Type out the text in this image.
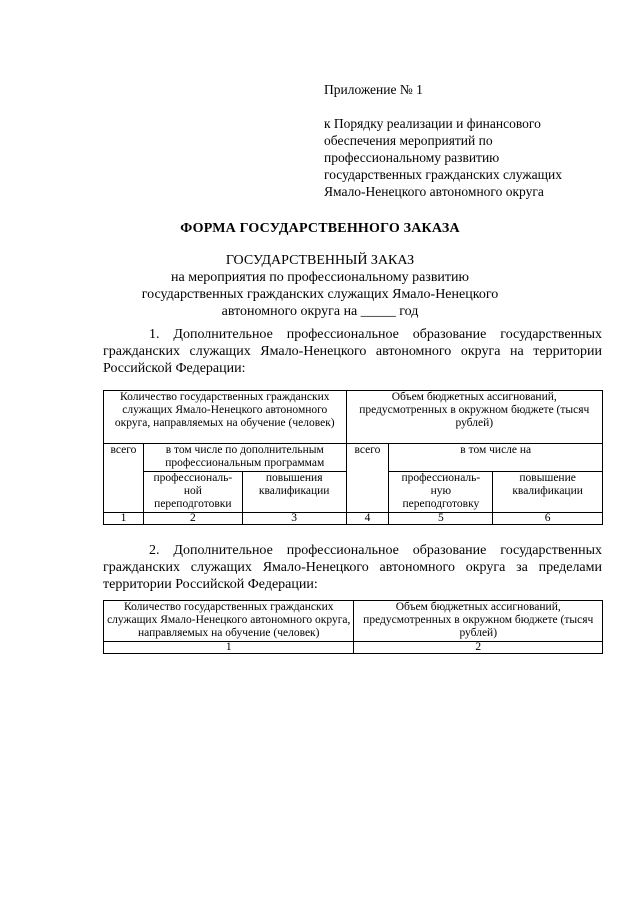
Приложение № 1
к Порядку реализации и финансового
обеспечения мероприятий по
профессиональному развитию
государственных гражданских служащих
Ямало-Ненецкого автономного округа
ФОРМА ГОСУДАРСТВЕННОГО ЗАКАЗА
ГОСУДАРСТВЕННЫЙ ЗАКАЗ
на мероприятия по профессиональному развитию
государственных гражданских служащих Ямало-Ненецкого
автономного округа на _____ год
1. Дополнительное профессиональное образование государственных
гражданских служащих Ямало-Ненецкого автономного округа на территории
Российской Федерации:
Количество государственных гражданских служащих Ямало-Ненецкого автономного округа, направляемых на обучение (человек)			Объем бюджетных ассигнований, предусмотренных в окружном бюджете (тысяч рублей)		
всего	в том числе по дополнительным профессиональным программам		всего	в том числе на	
	профессиональ-ной переподготовки	повышения квалификации		профессиональ-ную переподготовку	повышение квалификации
1	2	3	4	5	6
2. Дополнительное профессиональное образование государственных
гражданских служащих Ямало-Ненецкого автономного округа за пределами
территории Российской Федерации:
Количество государственных гражданских служащих Ямало-Ненецкого автономного округа, направляемых на обучение (человек)	Объем бюджетных ассигнований, предусмотренных в окружном бюджете (тысяч рублей)
1	2
